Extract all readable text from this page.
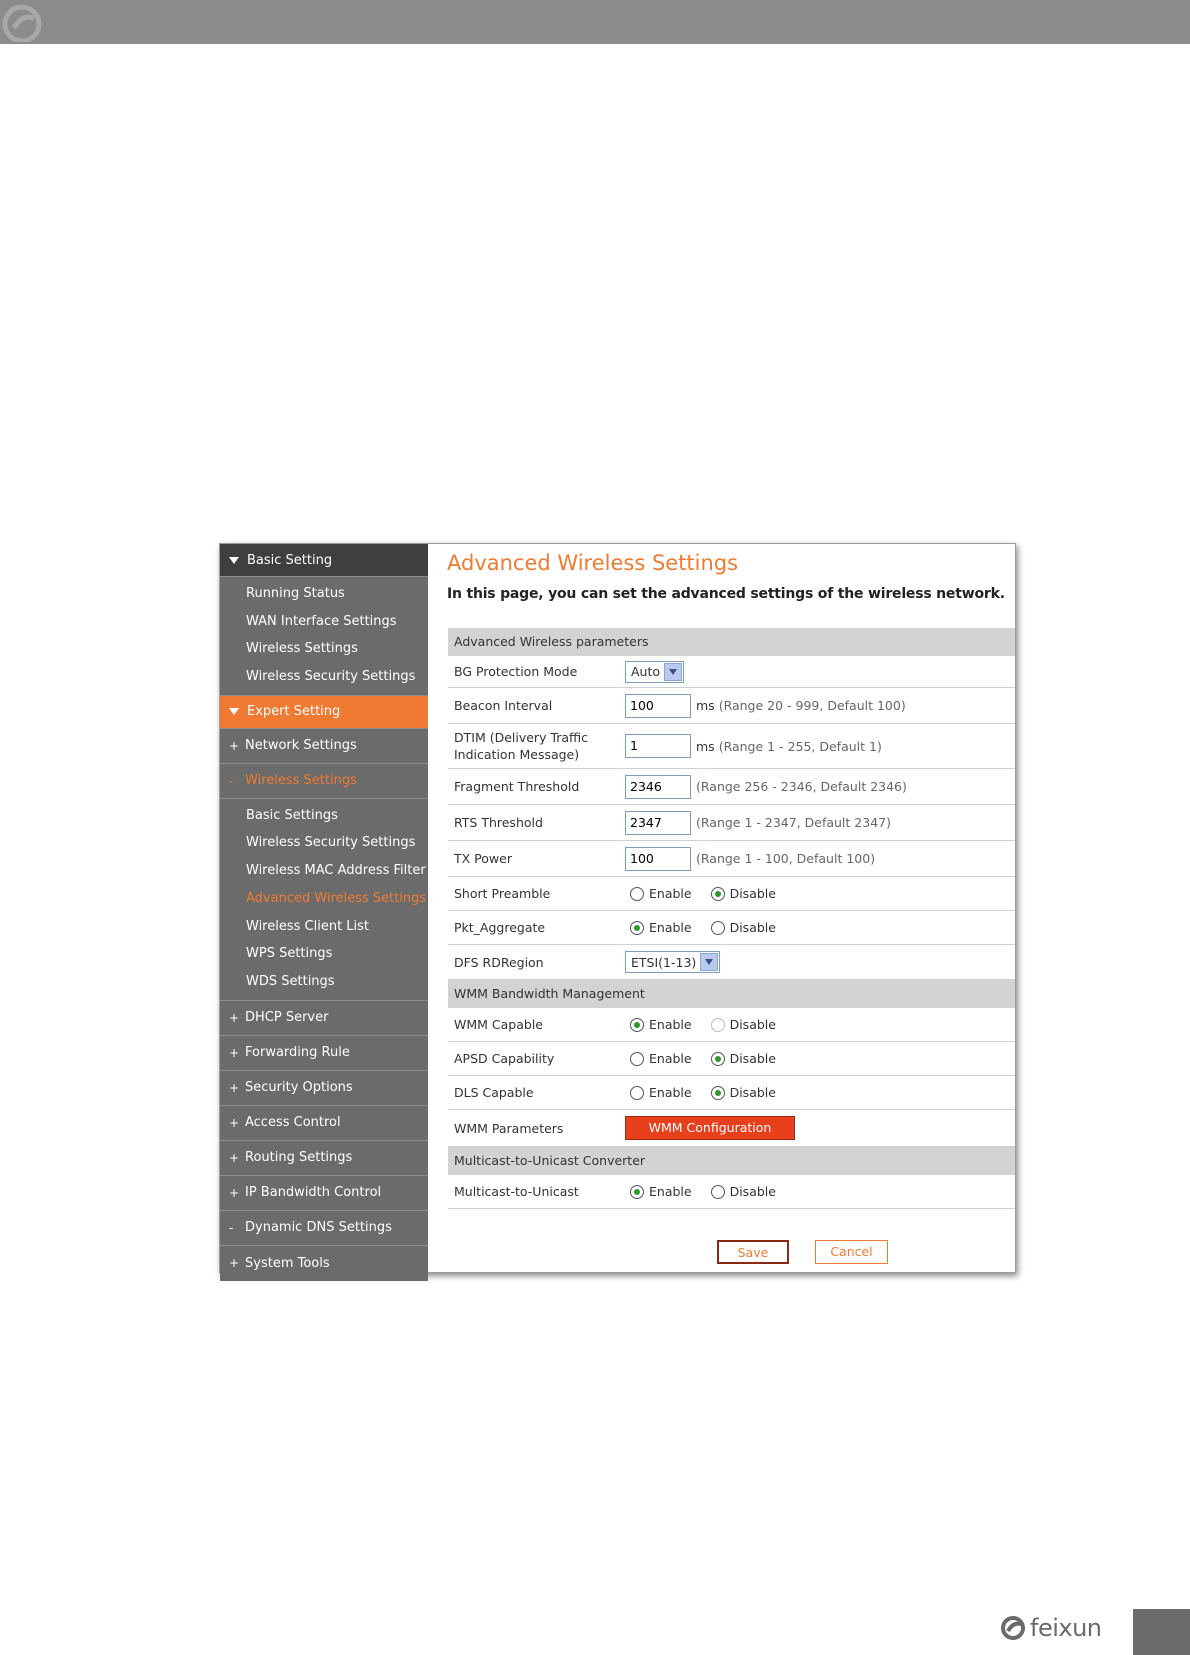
Basic Setting
Running Status
WAN Interface Settings
Wireless Settings
Wireless Security Settings
Expert Setting
+ Network Settings
- Wireless Settings
Basic Settings
Wireless Security Settings
Wireless MAC Address Filter
Advanced Wireless Settings
Wireless Client List
WPS Settings
WDS Settings
+ DHCP Server
+ Forwarding Rule
+ Security Options
+ Access Control
+ Routing Settings
+ IP Bandwidth Control
- Dynamic DNS Settings
+ System Tools
Advanced Wireless Settings
In this page, you can set the advanced settings of the wireless network.
Advanced Wireless parameters
BG Protection Mode	Auto
Beacon Interval	100	ms (Range 20 - 999, Default 100)
DTIM (Delivery Traffic
Indication Message)
1	ms (Range 1 - 255, Default 1)
Fragment Threshold	2346	(Range 256 - 2346, Default 2346)
RTS Threshold	2347	(Range 1 - 2347, Default 2347)
TX Power	100	(Range 1 - 100, Default 100)
Short Preamble	Enable	Disable
Pkt_Aggregate	Enable	Disable
DFS RDRegion	ETSI(1-13)
WMM Bandwidth Management
WMM Capable	Enable	Disable
APSD Capability	Enable	Disable
DLS Capable	Enable	Disable
WMM Parameters	WMM Configuration
Multicast-to-Unicast Converter
Multicast-to-Unicast	Enable	Disable
Save	Cancel
feixun
